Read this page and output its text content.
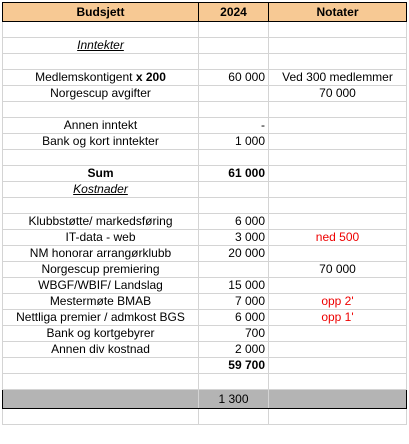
Budsjett	2024	Notater

Inntekter		

Medlemskontigent x 200	60 000	Ved 300 medlemmer
Norgescup avgifter		70 000

Annen inntekt	-	
Bank og kort inntekter	1 000	

Sum	61 000	
Kostnader		

Klubbstøtte/ markedsføring	6 000	
IT-data - web	3 000	ned 500
NM honorar arrangørklubb	20 000	
Norgescup premiering		70 000
WBGF/WBIF/ Landslag	15 000	
Mestermøte BMAB	7 000	opp 2'
Nettliga premier / admkost BGS	6 000	opp 1'
Bank og kortgebyrer	700	
Annen div kostnad	2 000	
	59 700	

	1 300	
